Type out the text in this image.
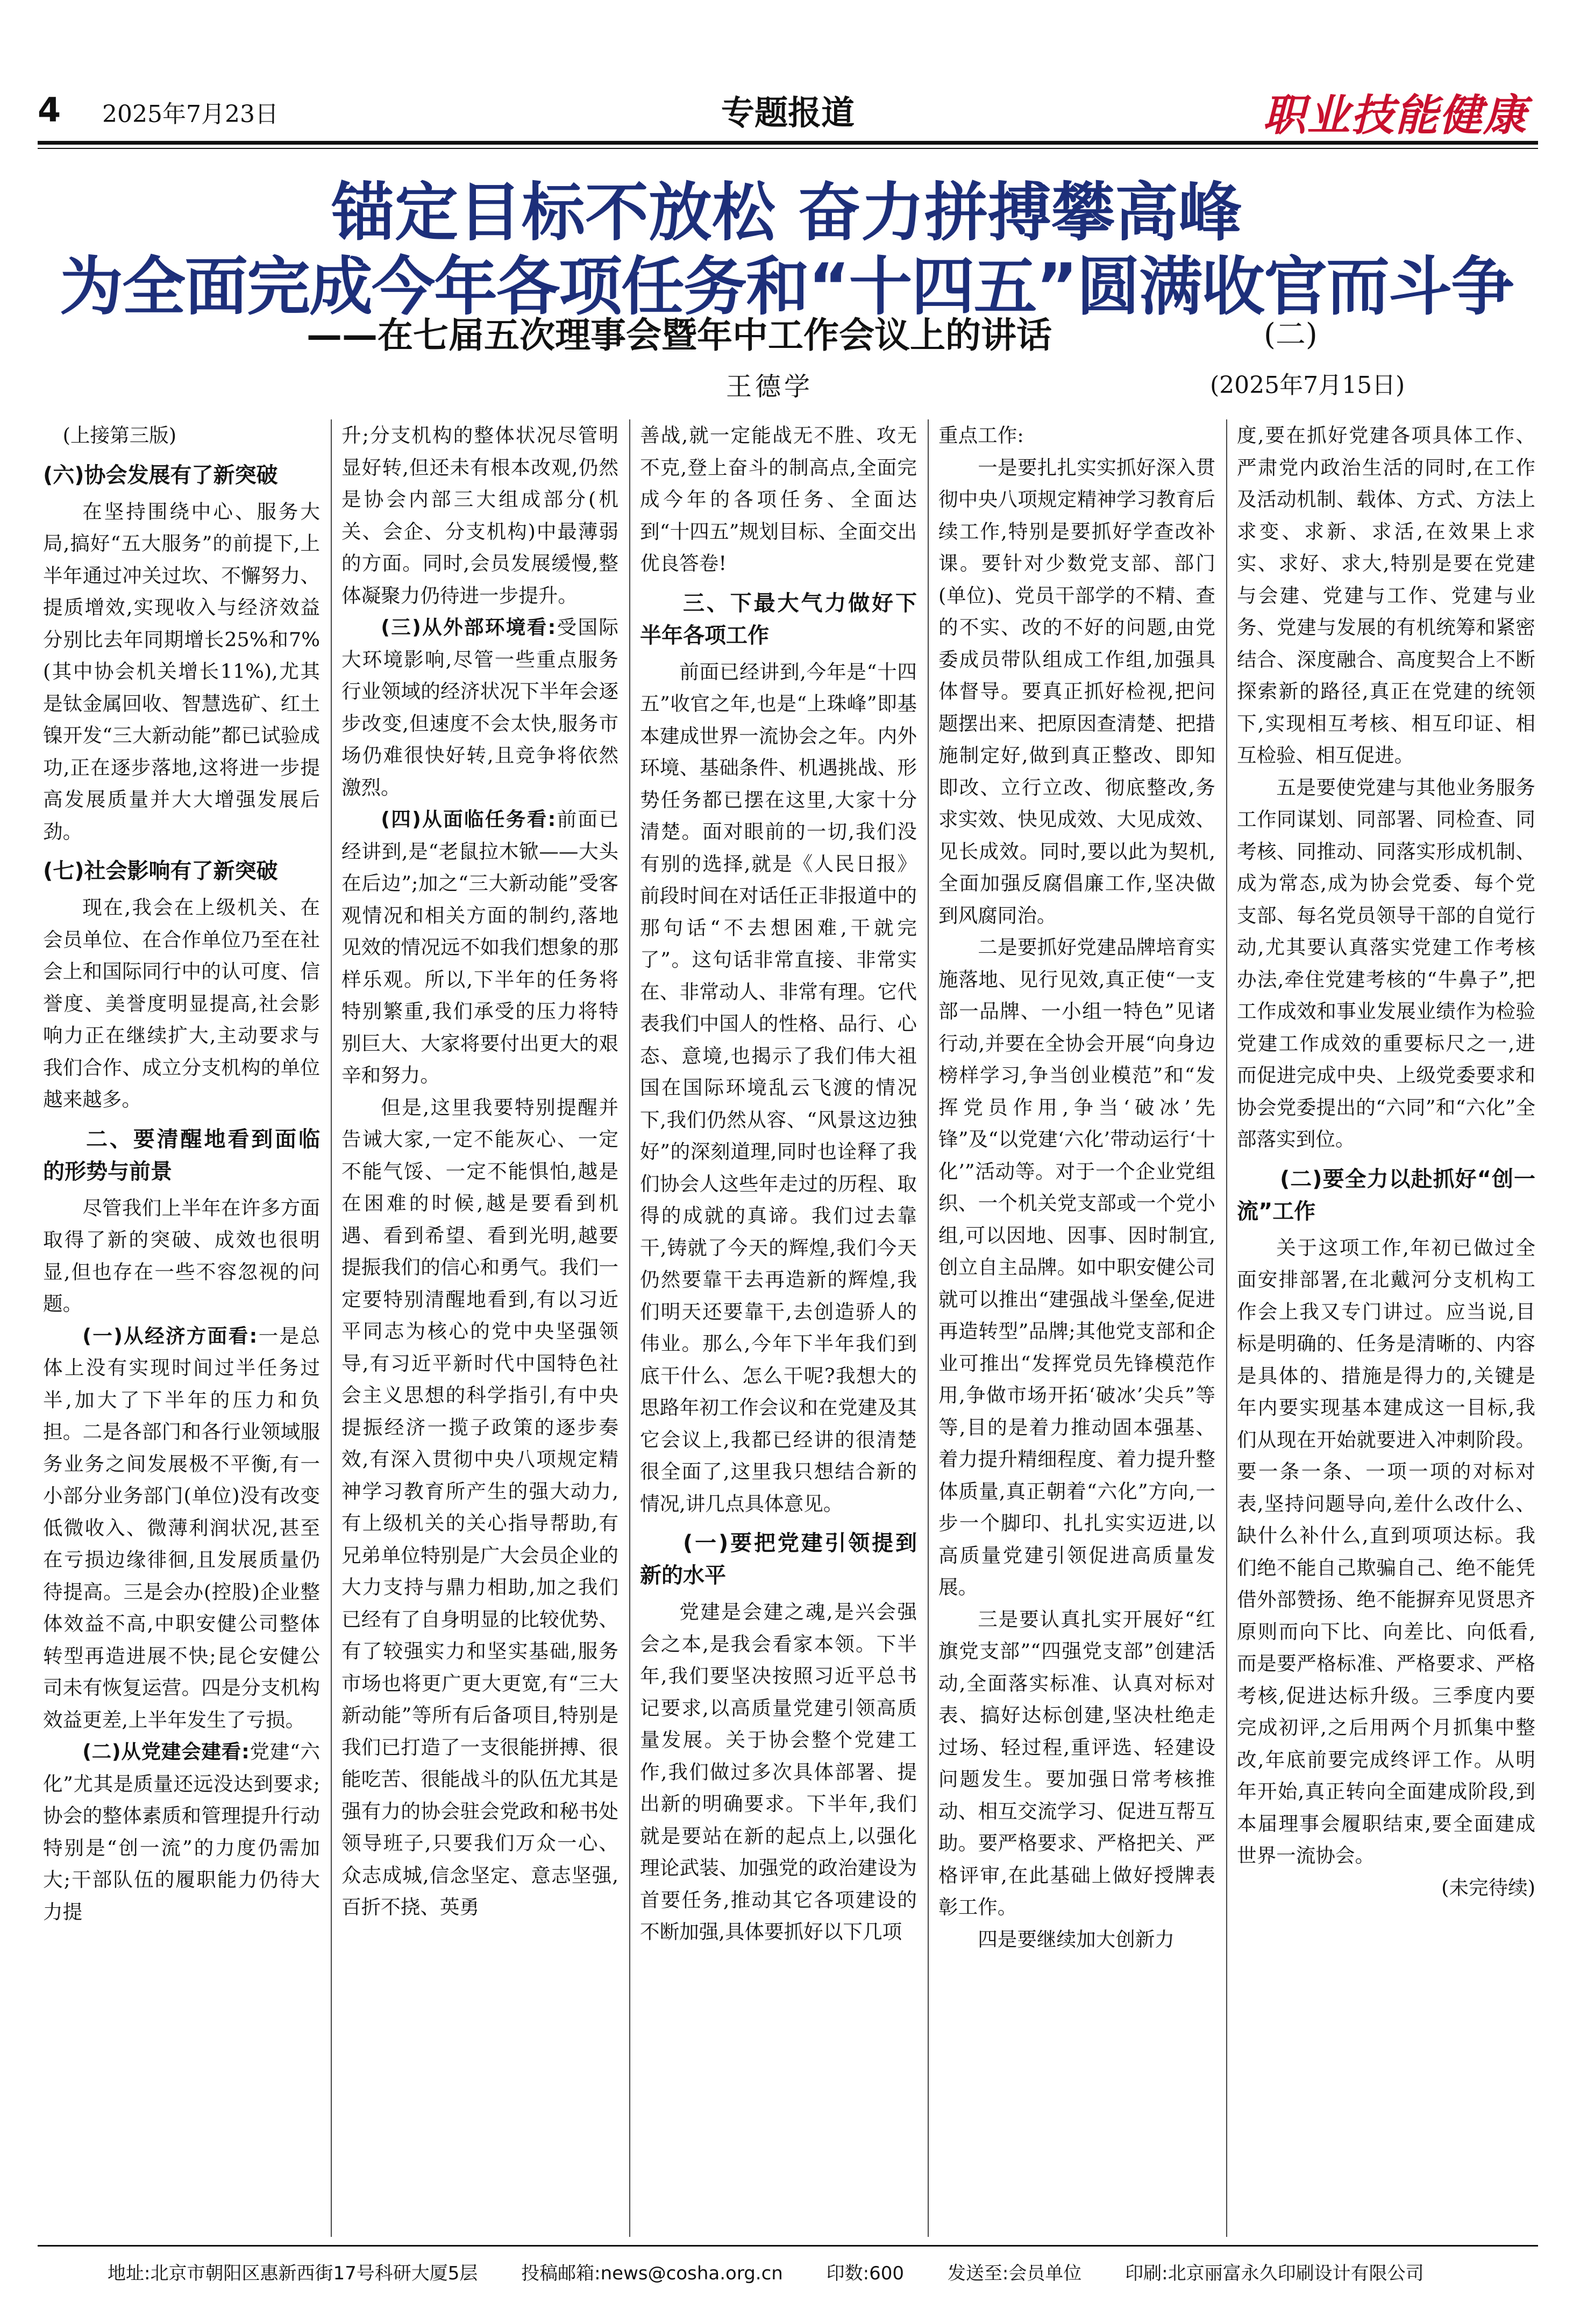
4 2025年7月23日	专题报道	职业技能健康
锚定目标不放松 奋力拼搏攀高峰
为全面完成今年各项任务和“十四五”圆满收官而斗争
——在七届五次理事会暨年中工作会议上的讲话	(二)
王德学	(2025年7月15日)

(上接第三版)

(六)协会发展有了新突破

在坚持围绕中心、服务大局,搞好“五大服务”的前提下,上半年通过冲关过坎、不懈努力、提质增效,实现收入与经济效益分别比去年同期增长25%和7%(其中协会机关增长11%),尤其是钛金属回收、智慧选矿、红土镍开发“三大新动能”都已试验成功,正在逐步落地,这将进一步提高发展质量并大大增强发展后劲。

(七)社会影响有了新突破

现在,我会在上级机关、在会员单位、在合作单位乃至在社会上和国际同行中的认可度、信誉度、美誉度明显提高,社会影响力正在继续扩大,主动要求与我们合作、成立分支机构的单位越来越多。

二、要清醒地看到面临的形势与前景

尽管我们上半年在许多方面取得了新的突破、成效也很明显,但也存在一些不容忽视的问题。

(一)从经济方面看:一是总体上没有实现时间过半任务过半,加大了下半年的压力和负担。二是各部门和各行业领域服务业务之间发展极不平衡,有一小部分业务部门(单位)没有改变低微收入、微薄利润状况,甚至在亏损边缘徘徊,且发展质量仍待提高。三是会办(控股)企业整体效益不高,中职安健公司整体转型再造进展不快;昆仑安健公司未有恢复运营。四是分支机构效益更差,上半年发生了亏损。

(二)从党建会建看:党建“六化”尤其是质量还远没达到要求;协会的整体素质和管理提升行动特别是“创一流”的力度仍需加大;干部队伍的履职能力仍待大力提

升;分支机构的整体状况尽管明显好转,但还未有根本改观,仍然是协会内部三大组成部分(机关、会企、分支机构)中最薄弱的方面。同时,会员发展缓慢,整体凝聚力仍待进一步提升。

(三)从外部环境看:受国际大环境影响,尽管一些重点服务行业领域的经济状况下半年会逐步改变,但速度不会太快,服务市场仍难很快好转,且竞争将依然激烈。

(四)从面临任务看:前面已经讲到,是“老鼠拉木锨——大头在后边”;加之“三大新动能”受客观情况和相关方面的制约,落地见效的情况远不如我们想象的那样乐观。所以,下半年的任务将特别繁重,我们承受的压力将特别巨大、大家将要付出更大的艰辛和努力。

但是,这里我要特别提醒并告诫大家,一定不能灰心、一定不能气馁、一定不能惧怕,越是在困难的时候,越是要看到机遇、看到希望、看到光明,越要提振我们的信心和勇气。我们一定要特别清醒地看到,有以习近平同志为核心的党中央坚强领导,有习近平新时代中国特色社会主义思想的科学指引,有中央提振经济一揽子政策的逐步奏效,有深入贯彻中央八项规定精神学习教育所产生的强大动力,有上级机关的关心指导帮助,有兄弟单位特别是广大会员企业的大力支持与鼎力相助,加之我们已经有了自身明显的比较优势、有了较强实力和坚实基础,服务市场也将更广更大更宽,有“三大新动能”等所有后备项目,特别是我们已打造了一支很能拼搏、很能吃苦、很能战斗的队伍尤其是强有力的协会驻会党政和秘书处领导班子,只要我们万众一心、众志成城,信念坚定、意志坚强,百折不挠、英勇

善战,就一定能战无不胜、攻无不克,登上奋斗的制高点,全面完成今年的各项任务、全面达到“十四五”规划目标、全面交出优良答卷!

三、下最大气力做好下半年各项工作

前面已经讲到,今年是“十四五”收官之年,也是“上珠峰”即基本建成世界一流协会之年。内外环境、基础条件、机遇挑战、形势任务都已摆在这里,大家十分清楚。面对眼前的一切,我们没有别的选择,就是《人民日报》前段时间在对话任正非报道中的那句话“不去想困难,干就完了”。这句话非常直接、非常实在、非常动人、非常有理。它代表我们中国人的性格、品行、心态、意境,也揭示了我们伟大祖国在国际环境乱云飞渡的情况下,我们仍然从容、“风景这边独好”的深刻道理,同时也诠释了我们协会人这些年走过的历程、取得的成就的真谛。我们过去靠干,铸就了今天的辉煌,我们今天仍然要靠干去再造新的辉煌,我们明天还要靠干,去创造骄人的伟业。那么,今年下半年我们到底干什么、怎么干呢?我想大的思路年初工作会议和在党建及其它会议上,我都已经讲的很清楚很全面了,这里我只想结合新的情况,讲几点具体意见。

(一)要把党建引领提到新的水平

党建是会建之魂,是兴会强会之本,是我会看家本领。下半年,我们要坚决按照习近平总书记要求,以高质量党建引领高质量发展。关于协会整个党建工作,我们做过多次具体部署、提出新的明确要求。下半年,我们就是要站在新的起点上,以强化理论武装、加强党的政治建设为首要任务,推动其它各项建设的不断加强,具体要抓好以下几项

重点工作:

一是要扎扎实实抓好深入贯彻中央八项规定精神学习教育后续工作,特别是要抓好学查改补课。要针对少数党支部、部门(单位)、党员干部学的不精、查的不实、改的不好的问题,由党委成员带队组成工作组,加强具体督导。要真正抓好检视,把问题摆出来、把原因查清楚、把措施制定好,做到真正整改、即知即改、立行立改、彻底整改,务求实效、快见成效、大见成效、见长成效。同时,要以此为契机,全面加强反腐倡廉工作,坚决做到风腐同治。

二是要抓好党建品牌培育实施落地、见行见效,真正使“一支部一品牌、一小组一特色”见诸行动,并要在全协会开展“向身边榜样学习,争当创业模范”和“发挥党员作用,争当‘破冰’先锋”及“以党建‘六化’带动运行‘十化’”活动等。对于一个企业党组织、一个机关党支部或一个党小组,可以因地、因事、因时制宜,创立自主品牌。如中职安健公司就可以推出“建强战斗堡垒,促进再造转型”品牌;其他党支部和企业可推出“发挥党员先锋模范作用,争做市场开拓‘破冰’尖兵”等等,目的是着力推动固本强基、着力提升精细程度、着力提升整体质量,真正朝着“六化”方向,一步一个脚印、扎扎实实迈进,以高质量党建引领促进高质量发展。

三是要认真扎实开展好“红旗党支部”“四强党支部”创建活动,全面落实标准、认真对标对表、搞好达标创建,坚决杜绝走过场、轻过程,重评选、轻建设问题发生。要加强日常考核推动、相互交流学习、促进互帮互助。要严格要求、严格把关、严格评审,在此基础上做好授牌表彰工作。

四是要继续加大创新力

度,要在抓好党建各项具体工作、严肃党内政治生活的同时,在工作及活动机制、载体、方式、方法上求变、求新、求活,在效果上求实、求好、求大,特别是要在党建与会建、党建与工作、党建与业务、党建与发展的有机统筹和紧密结合、深度融合、高度契合上不断探索新的路径,真正在党建的统领下,实现相互考核、相互印证、相互检验、相互促进。

五是要使党建与其他业务服务工作同谋划、同部署、同检查、同考核、同推动、同落实形成机制、成为常态,成为协会党委、每个党支部、每名党员领导干部的自觉行动,尤其要认真落实党建工作考核办法,牵住党建考核的“牛鼻子”,把工作成效和事业发展业绩作为检验党建工作成效的重要标尺之一,进而促进完成中央、上级党委要求和协会党委提出的“六同”和“六化”全部落实到位。

(二)要全力以赴抓好“创一流”工作

关于这项工作,年初已做过全面安排部署,在北戴河分支机构工作会上我又专门讲过。应当说,目标是明确的、任务是清晰的、内容是具体的、措施是得力的,关键是年内要实现基本建成这一目标,我们从现在开始就要进入冲刺阶段。要一条一条、一项一项的对标对表,坚持问题导向,差什么改什么、缺什么补什么,直到项项达标。我们绝不能自己欺骗自己、绝不能凭借外部赞扬、绝不能摒弃见贤思齐原则而向下比、向差比、向低看,而是要严格标准、严格要求、严格考核,促进达标升级。三季度内要完成初评,之后用两个月抓集中整改,年底前要完成终评工作。从明年开始,真正转向全面建成阶段,到本届理事会履职结束,要全面建成世界一流协会。

(未完待续)

地址:北京市朝阳区惠新西街17号科研大厦5层 投稿邮箱:news@cosha.org.cn 印数:600 发送至:会员单位 印刷:北京丽富永久印刷设计有限公司
